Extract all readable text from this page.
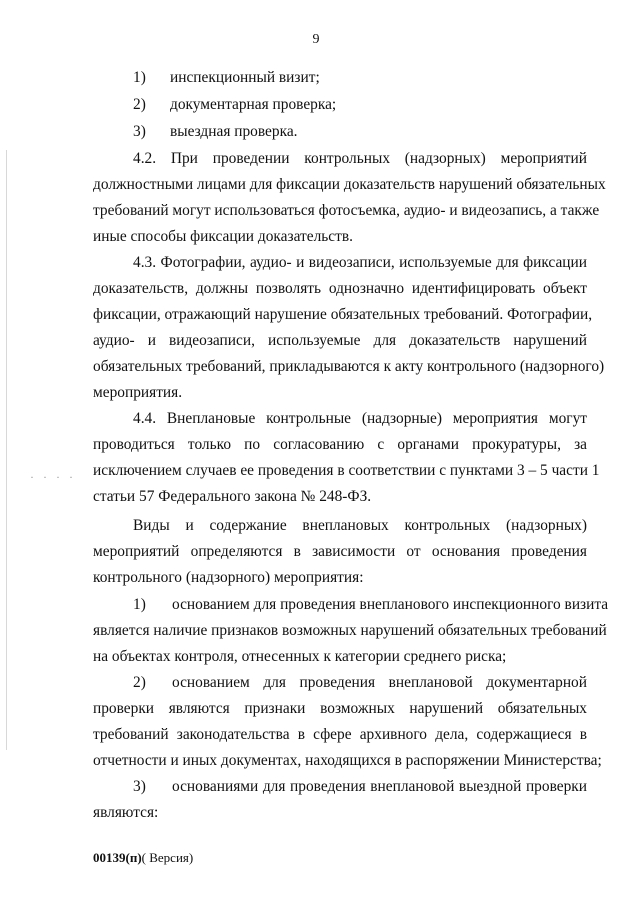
· · · ·
9
1) инспекционный визит;
2) документарная проверка;
3) выездная проверка.
4.2. При проведении контрольных (надзорных) мероприятий
должностными лицами для фиксации доказательств нарушений обязательных
требований могут использоваться фотосъемка, аудио- и видеозапись, а также
иные способы фиксации доказательств.
4.3. Фотографии, аудио- и видеозаписи, используемые для фиксации
доказательств, должны позволять однозначно идентифицировать объект
фиксации, отражающий нарушение обязательных требований. Фотографии,
аудио- и видеозаписи, используемые для доказательств нарушений
обязательных требований, прикладываются к акту контрольного (надзорного)
мероприятия.
4.4. Внеплановые контрольные (надзорные) мероприятия могут
проводиться только по согласованию с органами прокуратуры, за
исключением случаев ее проведения в соответствии с пунктами 3 – 5 части 1
статьи 57 Федерального закона № 248-ФЗ.
Виды и содержание внеплановых контрольных (надзорных)
мероприятий определяются в зависимости от основания проведения
контрольного (надзорного) мероприятия:
1) основанием для проведения внепланового инспекционного визита
является наличие признаков возможных нарушений обязательных требований
на объектах контроля, отнесенных к категории среднего риска;
2) основанием для проведения внеплановой документарной
проверки являются признаки возможных нарушений обязательных
требований законодательства в сфере архивного дела, содержащиеся в
отчетности и иных документах, находящихся в распоряжении Министерства;
3) основаниями для проведения внеплановой выездной проверки
являются:
00139(п)( Версия)
